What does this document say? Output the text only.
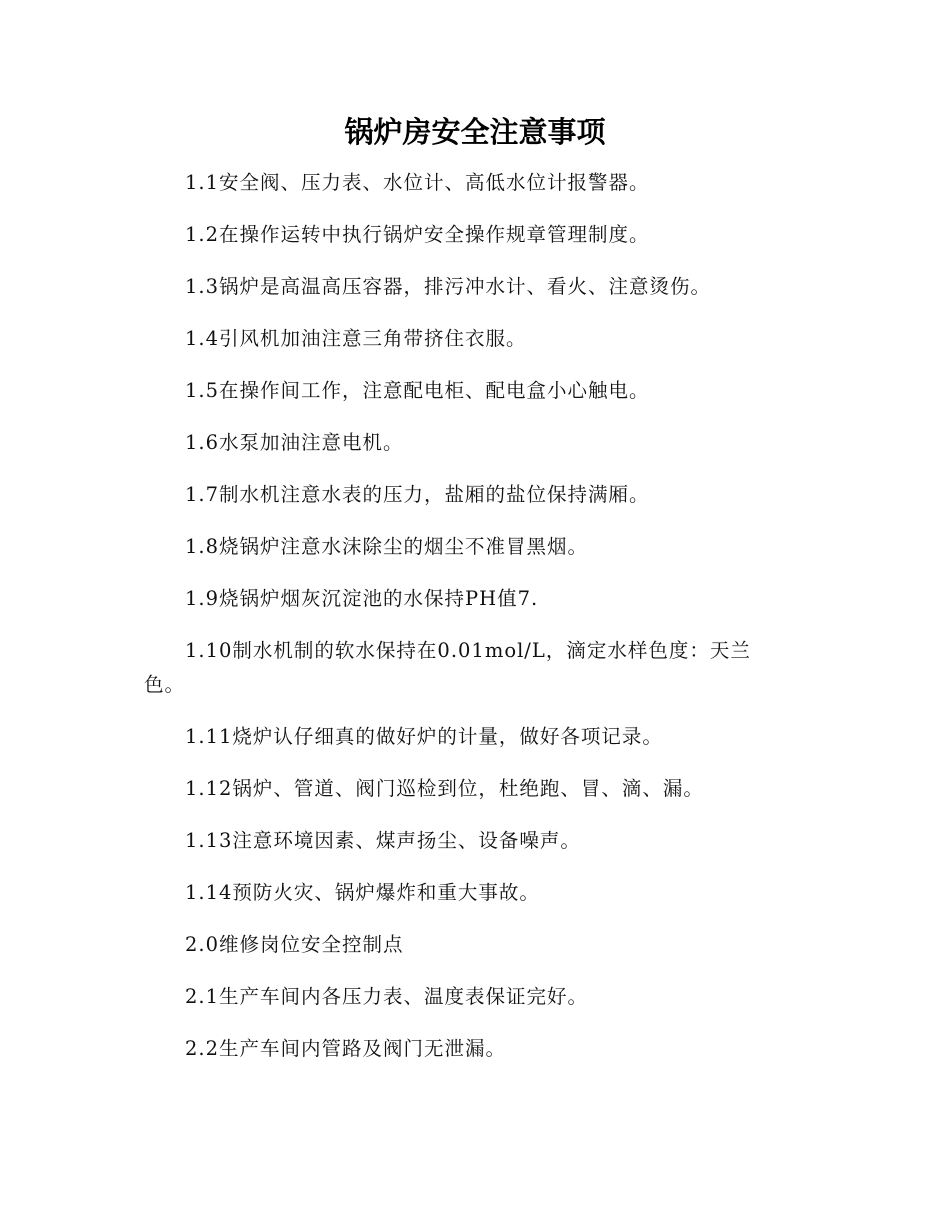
锅炉房安全注意事项

1.1安全阀、压力表、水位计、高低水位计报警器。

1.2在操作运转中执行锅炉安全操作规章管理制度。

1.3锅炉是高温高压容器，排污冲水计、看火、注意烫伤。

1.4引风机加油注意三角带挤住衣服。

1.5在操作间工作，注意配电柜、配电盒小心触电。

1.6水泵加油注意电机。

1.7制水机注意水表的压力，盐厢的盐位保持满厢。

1.8烧锅炉注意水沫除尘的烟尘不准冒黑烟。

1.9烧锅炉烟灰沉淀池的水保持PH值7.

1.10制水机制的软水保持在0.01mol/L，滴定水样色度：天兰色。

1.11烧炉认仔细真的做好炉的计量，做好各项记录。

1.12锅炉、管道、阀门巡检到位，杜绝跑、冒、滴、漏。

1.13注意环境因素、煤声扬尘、设备噪声。

1.14预防火灾、锅炉爆炸和重大事故。

2.0维修岗位安全控制点

2.1生产车间内各压力表、温度表保证完好。

2.2生产车间内管路及阀门无泄漏。
